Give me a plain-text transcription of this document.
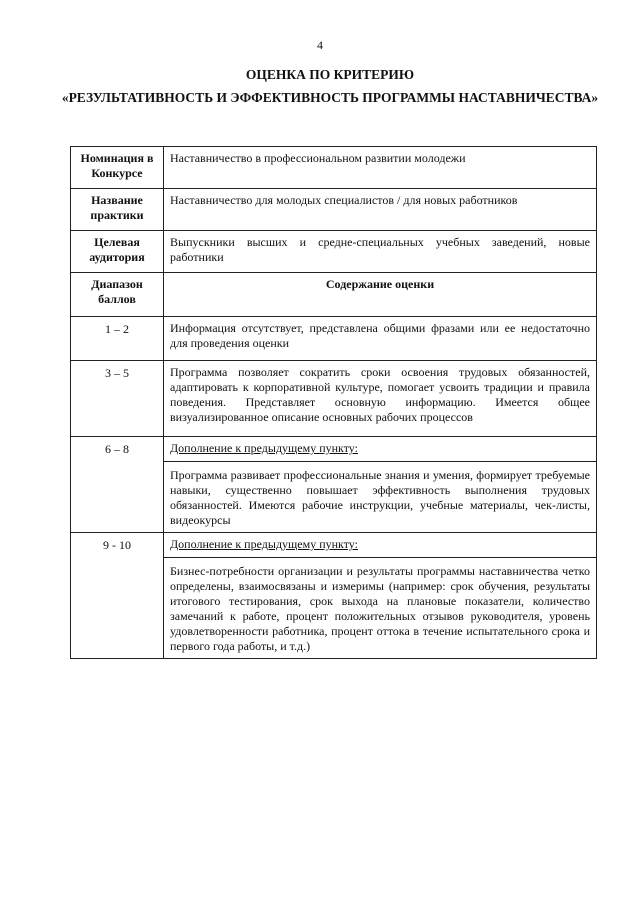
4
ОЦЕНКА ПО КРИТЕРИЮ
«РЕЗУЛЬТАТИВНОСТЬ И ЭФФЕКТИВНОСТЬ ПРОГРАММЫ НАСТАВНИЧЕСТВА»
Номинация в Конкурсе	Наставничество в профессиональном развитии молодежи
Название практики	Наставничество для молодых специалистов / для новых работников
Целевая аудитория	Выпускники высших и средне-специальных учебных заведений, новые работники
Диапазон баллов	Содержание оценки

1 – 2	Информация отсутствует, представлена общими фразами или ее недостаточно для проведения оценки
3 – 5	Программа позволяет сократить сроки освоения трудовых обязанностей, адаптировать к корпоративной культуре, помогает усвоить традиции и правила поведения. Представляет основную информацию. Имеется общее визуализированное описание основных рабочих процессов
6 – 8	Дополнение к предыдущему пункту:
Программа развивает профессиональные знания и умения, формирует требуемые навыки, существенно повышает эффективность выполнения трудовых обязанностей. Имеются рабочие инструкции, учебные материалы, чек-листы, видеокурсы

9 - 10	Дополнение к предыдущему пункту:
Бизнес-потребности организации и результаты программы наставничества четко определены, взаимосвязаны и измеримы (например: срок обучения, результаты итогового тестирования, срок выхода на плановые показатели, количество замечаний к работе, процент положительных отзывов руководителя, уровень удовлетворенности работника, процент оттока в течение испытательного срока и первого года работы, и т.д.)
